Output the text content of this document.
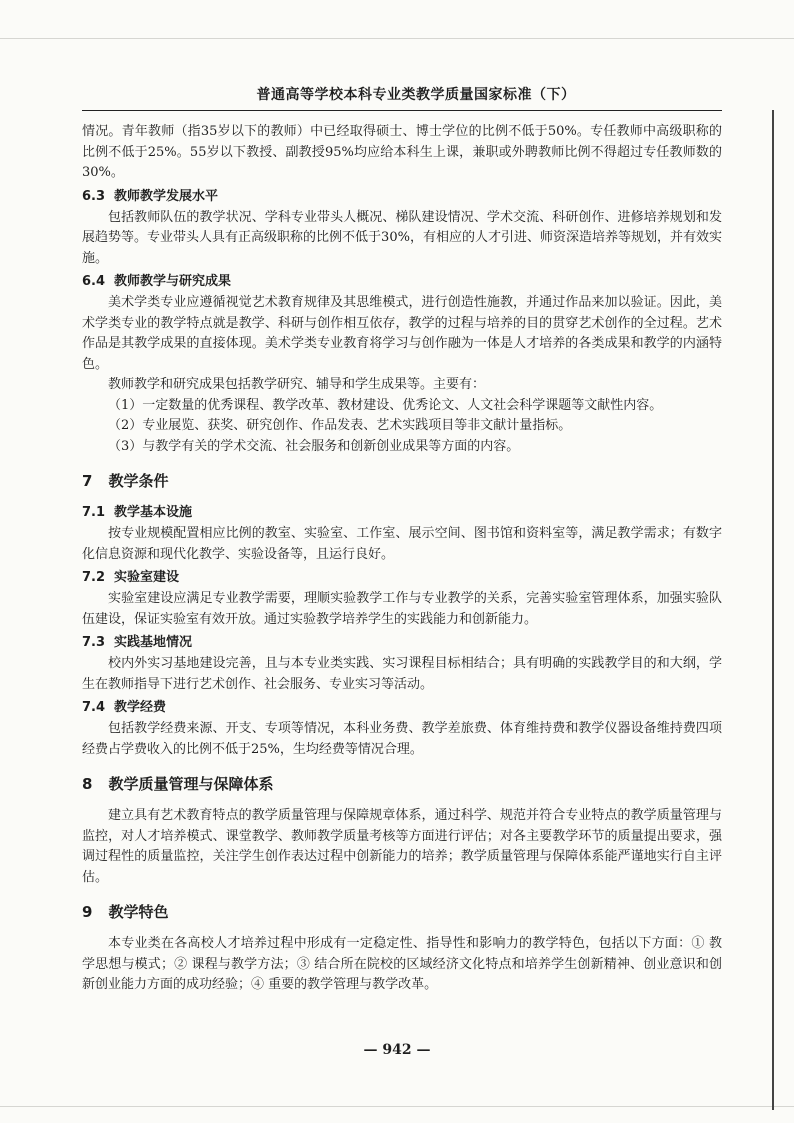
普通高等学校本科专业类教学质量国家标准（下）

情况。青年教师（指35岁以下的教师）中已经取得硕士、博士学位的比例不低于50%。专任教师中高级职称的比例不低于25%。55岁以下教授、副教授95%均应给本科生上课，兼职或外聘教师比例不得超过专任教师数的30%。

6.3 教师教学发展水平

包括教师队伍的教学状况、学科专业带头人概况、梯队建设情况、学术交流、科研创作、进修培养规划和发展趋势等。专业带头人具有正高级职称的比例不低于30%，有相应的人才引进、师资深造培养等规划，并有效实施。

6.4 教师教学与研究成果

美术学类专业应遵循视觉艺术教育规律及其思维模式，进行创造性施教，并通过作品来加以验证。因此，美术学类专业的教学特点就是教学、科研与创作相互依存，教学的过程与培养的目的贯穿艺术创作的全过程。艺术作品是其教学成果的直接体现。美术学类专业教育将学习与创作融为一体是人才培养的各类成果和教学的内涵特色。

教师教学和研究成果包括教学研究、辅导和学生成果等。主要有：

（1）一定数量的优秀课程、教学改革、教材建设、优秀论文、人文社会科学课题等文献性内容。

（2）专业展览、获奖、研究创作、作品发表、艺术实践项目等非文献计量指标。

（3）与教学有关的学术交流、社会服务和创新创业成果等方面的内容。

7 教学条件
7.1 教学基本设施

按专业规模配置相应比例的教室、实验室、工作室、展示空间、图书馆和资料室等，满足教学需求；有数字化信息资源和现代化教学、实验设备等，且运行良好。

7.2 实验室建设

实验室建设应满足专业教学需要，理顺实验教学工作与专业教学的关系，完善实验室管理体系，加强实验队伍建设，保证实验室有效开放。通过实验教学培养学生的实践能力和创新能力。

7.3 实践基地情况

校内外实习基地建设完善，且与本专业类实践、实习课程目标相结合；具有明确的实践教学目的和大纲，学生在教师指导下进行艺术创作、社会服务、专业实习等活动。

7.4 教学经费

包括教学经费来源、开支、专项等情况，本科业务费、教学差旅费、体育维持费和教学仪器设备维持费四项经费占学费收入的比例不低于25%，生均经费等情况合理。

8 教学质量管理与保障体系

建立具有艺术教育特点的教学质量管理与保障规章体系，通过科学、规范并符合专业特点的教学质量管理与监控，对人才培养模式、课堂教学、教师教学质量考核等方面进行评估；对各主要教学环节的质量提出要求，强调过程性的质量监控，关注学生创作表达过程中创新能力的培养；教学质量管理与保障体系能严谨地实行自主评估。

9 教学特色

本专业类在各高校人才培养过程中形成有一定稳定性、指导性和影响力的教学特色，包括以下方面：① 教学思想与模式；② 课程与教学方法；③ 结合所在院校的区域经济文化特点和培养学生创新精神、创业意识和创新创业能力方面的成功经验；④ 重要的教学管理与教学改革。

— 942 —
